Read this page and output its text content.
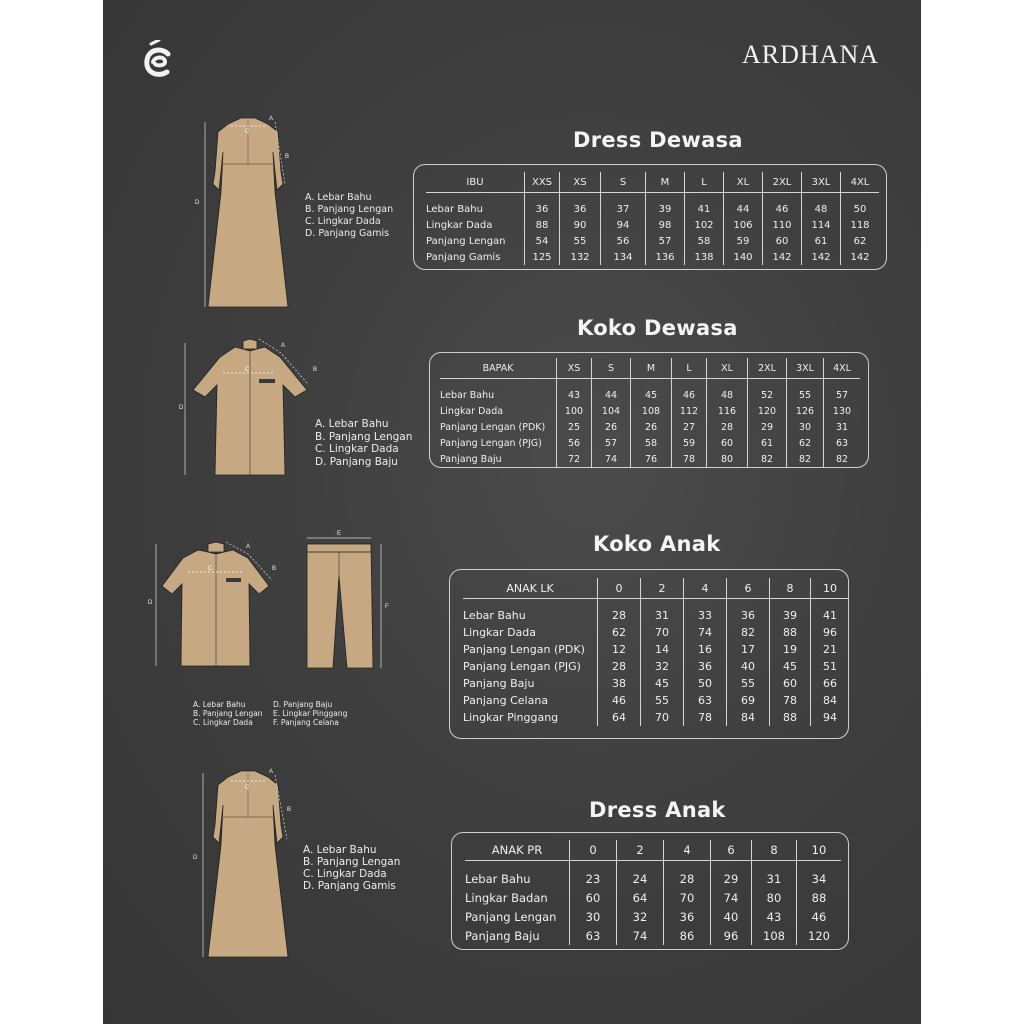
ARDHANA
C
A
B
D	A. Lebar Bahu
B. Panjang Lengan
C. Lingkar Dada
D. Panjang Gamis
Dress Dewasa
IBU	XXS	XS	S	M	L	XL	2XL	3XL	4XL
Lebar Bahu	36	36	37	39	41	44	46	48	50
Lingkar Dada	88	90	94	98	102	106	110	114	118
Panjang Lengan	54	55	56	57	58	59	60	61	62
Panjang Gamis	125	132	134	136	138	140	142	142	142
C
A
B
D
A. Lebar Bahu
B. Panjang Lengan
C. Lingkar Dada
D. Panjang Baju
Koko Dewasa
BAPAK	XS	S	M	L	XL	2XL	3XL	4XL
Lebar Bahu	43	44	45	46	48	52	55	57
Lingkar Dada	100	104	108	112	116	120	126	130
Panjang Lengan (PDK)	25	26	26	27	28	29	30	31
Panjang Lengan (PJG)	56	57	58	59	60	61	62	63
Panjang Baju	72	74	76	78	80	82	82	82
C
A
B
D
E
F
A. Lebar Bahu
B. Panjang Lengan
C. Lingkar Dada
D. Panjang Baju
E. Lingkar Pinggang
F. Panjang Celana
Koko Anak
ANAK LK	0	2	4	6	8	10
Lebar Bahu	28	31	33	36	39	41
Lingkar Dada	62	70	74	82	88	96
Panjang Lengan (PDK)	12	14	16	17	19	21
Panjang Lengan (PJG)	28	32	36	40	45	51
Panjang Baju	38	45	50	55	60	66
Panjang Celana	46	55	63	69	78	84
Lingkar Pinggang	64	70	78	84	88	94
C
A
B
D
A. Lebar Bahu
B. Panjang Lengan
C. Lingkar Dada
D. Panjang Gamis
Dress Anak
ANAK PR	0	2	4	6	8	10
Lebar Bahu	23	24	28	29	31	34
Lingkar Badan	60	64	70	74	80	88
Panjang Lengan	30	32	36	40	43	46
Panjang Baju	63	74	86	96	108	120
